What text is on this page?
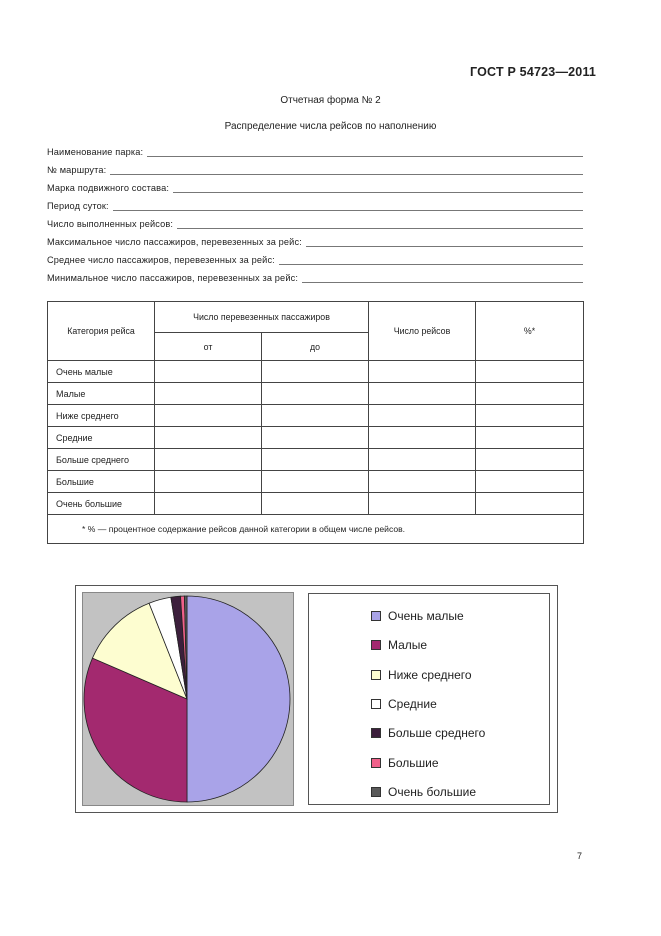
ГОСТ Р 54723—2011
Отчетная форма № 2
Распределение числа рейсов по наполнению
Наименование парка:
№ маршрута:
Марка подвижного состава:
Период суток:
Число выполненных рейсов:
Максимальное число пассажиров, перевезенных за рейс:
Среднее число пассажиров, перевезенных за рейс:
Минимальное число пассажиров, перевезенных за рейс:
Категория рейса	Число перевезенных пассажиров		Число рейсов	%*
	от	до		
Очень малые				
Малые				
Ниже среднего				
Средние				
Больше среднего				
Большие				
Очень большие				
* % — процентное содержание рейсов данной категории в общем числе рейсов.				
Очень малые
Малые
Ниже среднего
Средние
Больше среднего
Большие
Очень большие
7
